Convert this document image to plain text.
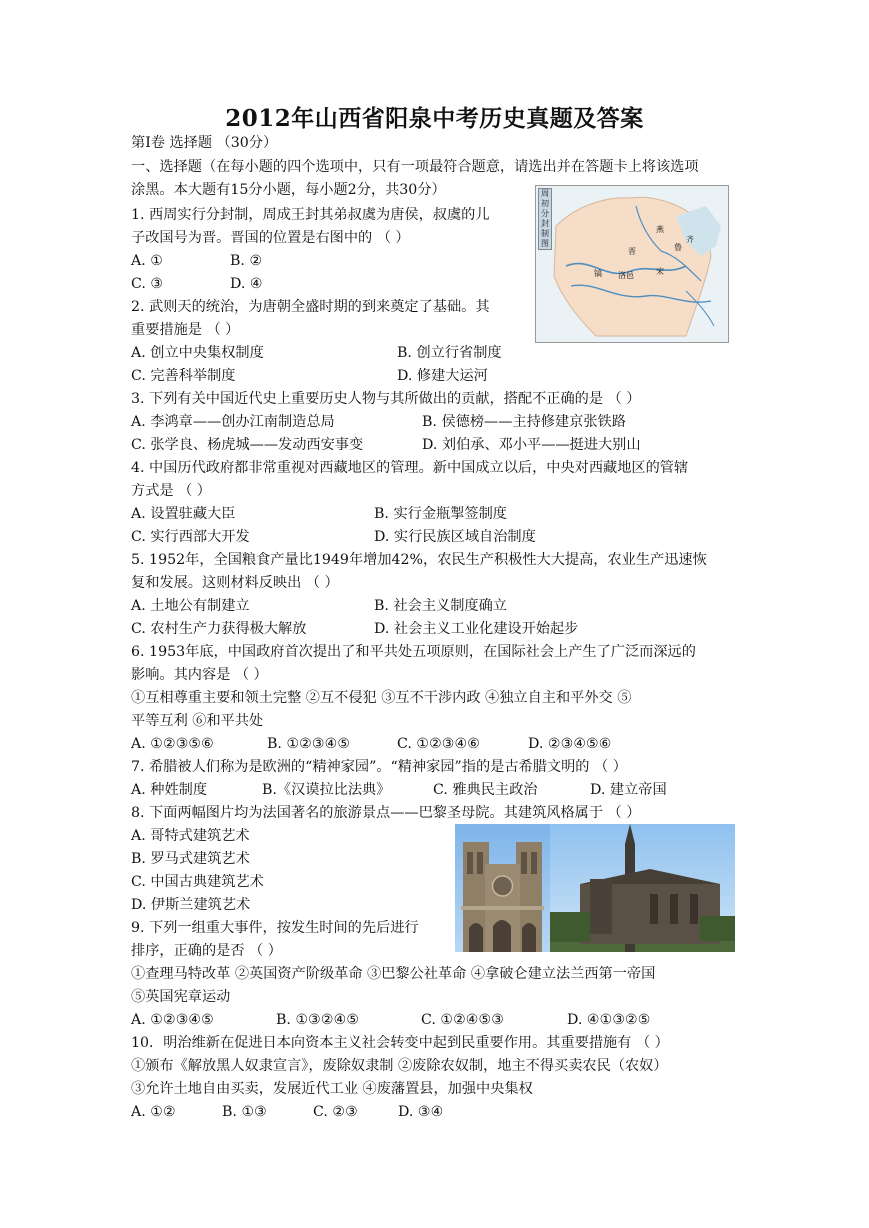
2012年山西省阳泉中考历史真题及答案
第Ⅰ卷 选择题 （30分）
一、选择题（在每小题的四个选项中，只有一项最符合题意，请选出并在答题卡上将该选项
涂黑。本大题有15分小题，每小题2分，共30分）	周初分封制图
燕
晋	鲁
齐
镐 洛邑	宋
1. 西周实行分封制，周成王封其弟叔虞为唐侯，叔虞的儿
子改国号为晋。晋国的位置是右图中的 （ ）
A. ①	B. ②
C. ③	D. ④
2. 武则天的统治，为唐朝全盛时期的到来奠定了基础。其
重要措施是 （ ）
A. 创立中央集权制度	B. 创立行省制度
C. 完善科举制度	D. 修建大运河
3. 下列有关中国近代史上重要历史人物与其所做出的贡献，搭配不正确的是 （ ）
A. 李鸿章——创办江南制造总局	B. 侯德榜——主持修建京张铁路
C. 张学良、杨虎城——发动西安事变	D. 刘伯承、邓小平——挺进大别山
4. 中国历代政府都非常重视对西藏地区的管理。新中国成立以后，中央对西藏地区的管辖
方式是 （ ）
A. 设置驻藏大臣	B. 实行金瓶掣签制度
C. 实行西部大开发	D. 实行民族区域自治制度
5. 1952年，全国粮食产量比1949年增加42%，农民生产积极性大大提高，农业生产迅速恢
复和发展。这则材料反映出 （ ）
A. 土地公有制建立	B. 社会主义制度确立
C. 农村生产力获得极大解放	D. 社会主义工业化建设开始起步
6. 1953年底，中国政府首次提出了和平共处五项原则，在国际社会上产生了广泛而深远的
影响。其内容是 （ ）
①互相尊重主要和领土完整 ②互不侵犯 ③互不干涉内政 ④独立自主和平外交 ⑤
平等互利 ⑥和平共处
A. ①②③⑤⑥	B. ①②③④⑤	C. ①②③④⑥	D. ②③④⑤⑥
7. 希腊被人们称为是欧洲的“精神家园”。“精神家园”指的是古希腊文明的 （ ）
A. 种姓制度	B.《汉谟拉比法典》	C. 雅典民主政治	D. 建立帝国
8. 下面两幅图片均为法国著名的旅游景点——巴黎圣母院。其建筑风格属于 （ ）
A. 哥特式建筑艺术
B. 罗马式建筑艺术
C. 中国古典建筑艺术
D. 伊斯兰建筑艺术
9. 下列一组重大事件，按发生时间的先后进行
排序，正确的是否 （ ）
①查理马特改革 ②英国资产阶级革命 ③巴黎公社革命 ④拿破仑建立法兰西第一帝国
⑤英国宪章运动
A. ①②③④⑤	B. ①③②④⑤	C. ①②④⑤③	D. ④①③②⑤
10．明治维新在促进日本向资本主义社会转变中起到民重要作用。其重要措施有 （ ）
①颁布《解放黑人奴隶宣言》，废除奴隶制 ②废除农奴制，地主不得买卖农民（农奴）
③允许土地自由买卖，发展近代工业 ④废藩置县，加强中央集权
A. ①②	B. ①③	C. ②③	D. ③④
